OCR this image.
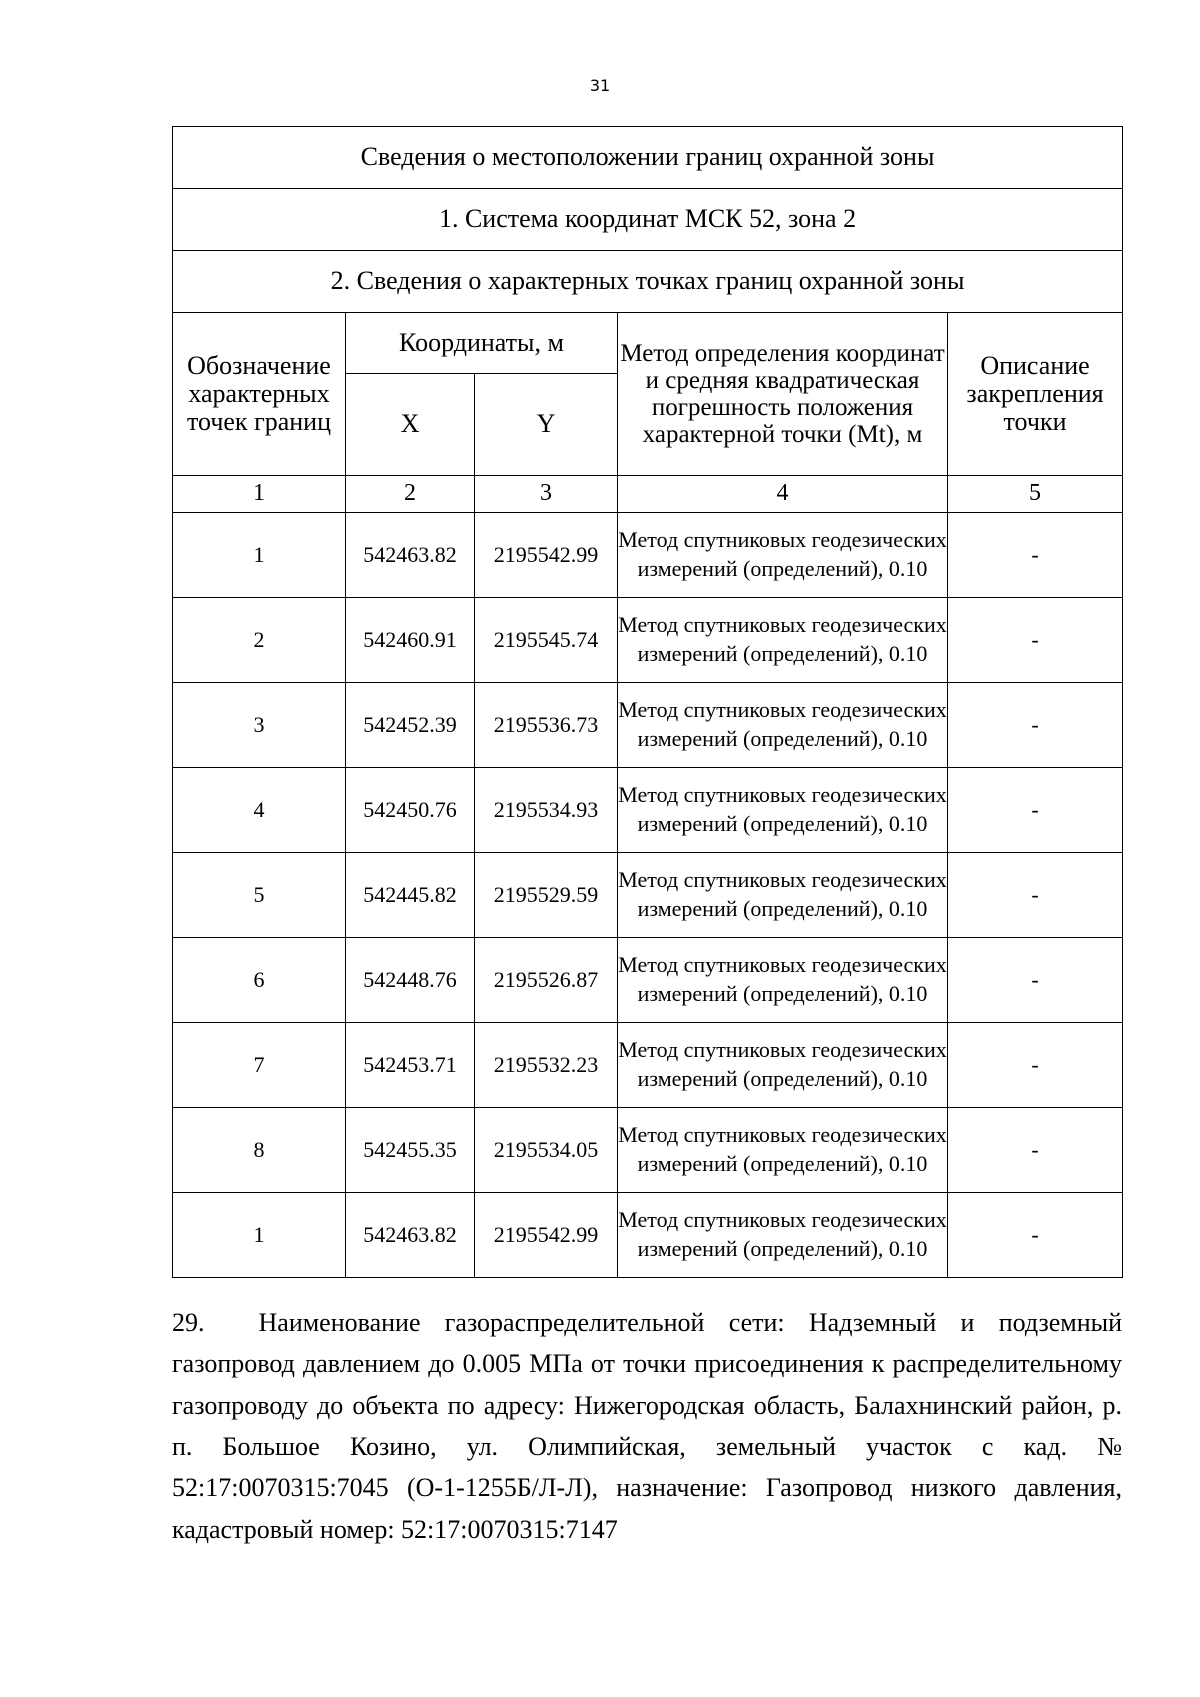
31
Сведения о местоположении границ охранной зоны				
1. Система координат МСК 52, зона 2				
2. Сведения о характерных точках границ охранной зоны				
Обозначение характерных точек границ	Координаты, м		Метод определения координат и средняя квадратическая погрешность положения характерной точки (Mt), м	Описание закрепления точки
	X	Y		
1	2	3	4	5
1	542463.82	2195542.99	Метод спутниковых геодезических измерений (определений), 0.10	-
2	542460.91	2195545.74	Метод спутниковых геодезических измерений (определений), 0.10	-
3	542452.39	2195536.73	Метод спутниковых геодезических измерений (определений), 0.10	-
4	542450.76	2195534.93	Метод спутниковых геодезических измерений (определений), 0.10	-
5	542445.82	2195529.59	Метод спутниковых геодезических измерений (определений), 0.10	-
6	542448.76	2195526.87	Метод спутниковых геодезических измерений (определений), 0.10	-
7	542453.71	2195532.23	Метод спутниковых геодезических измерений (определений), 0.10	-
8	542455.35	2195534.05	Метод спутниковых геодезических измерений (определений), 0.10	-
1	542463.82	2195542.99	Метод спутниковых геодезических измерений (определений), 0.10	-
29. Наименование газораспределительной сети: Надземный и подземный газопровод давлением до 0.005 МПа от точки присоединения к распределительному газопроводу до объекта по адресу: Нижегородская область, Балахнинский район, р. п. Большое Козино, ул. Олимпийская, земельный участок с кад. № 52:17:0070315:7045 (О-1-1255Б/Л-Л), назначение: Газопровод низкого давления, кадастровый номер: 52:17:0070315:7147
